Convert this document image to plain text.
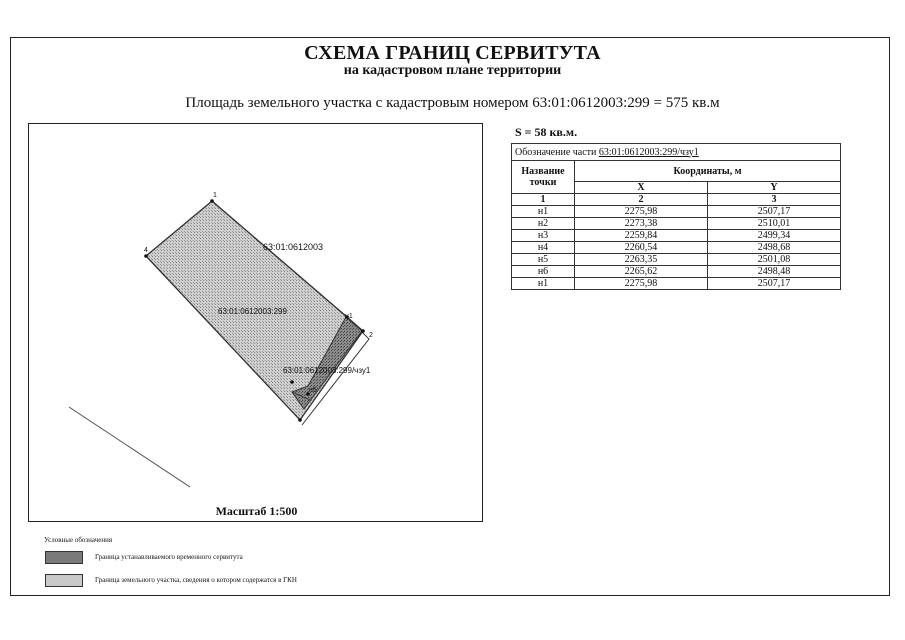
СХЕМА ГРАНИЦ СЕРВИТУТА
на кадастровом плане территории
Площадь земельного участка с кадастровым номером 63:01:0612003:299 = 575 кв.м
1
2
4
н1
н5
63:01:0612003
63:01:0612003:299
63:01:0612003:299/чзу1
Масштаб 1:500
S = 58 кв.м.
Обозначение части 63:01:0612003:299/чзу1		
Название точки	Координаты, м	
	X	Y
1	2	3
н1	2275,98	2507,17
н2	2273,38	2510,01
н3	2259,84	2499,34
н4	2260,54	2498,68
н5	2263,35	2501,08
н6	2265,62	2498,48
н1	2275,98	2507,17
Условные обозначения
Граница устанавливаемого временного сервитута
Граница земельного участка, сведения о котором содержатся в ГКН
